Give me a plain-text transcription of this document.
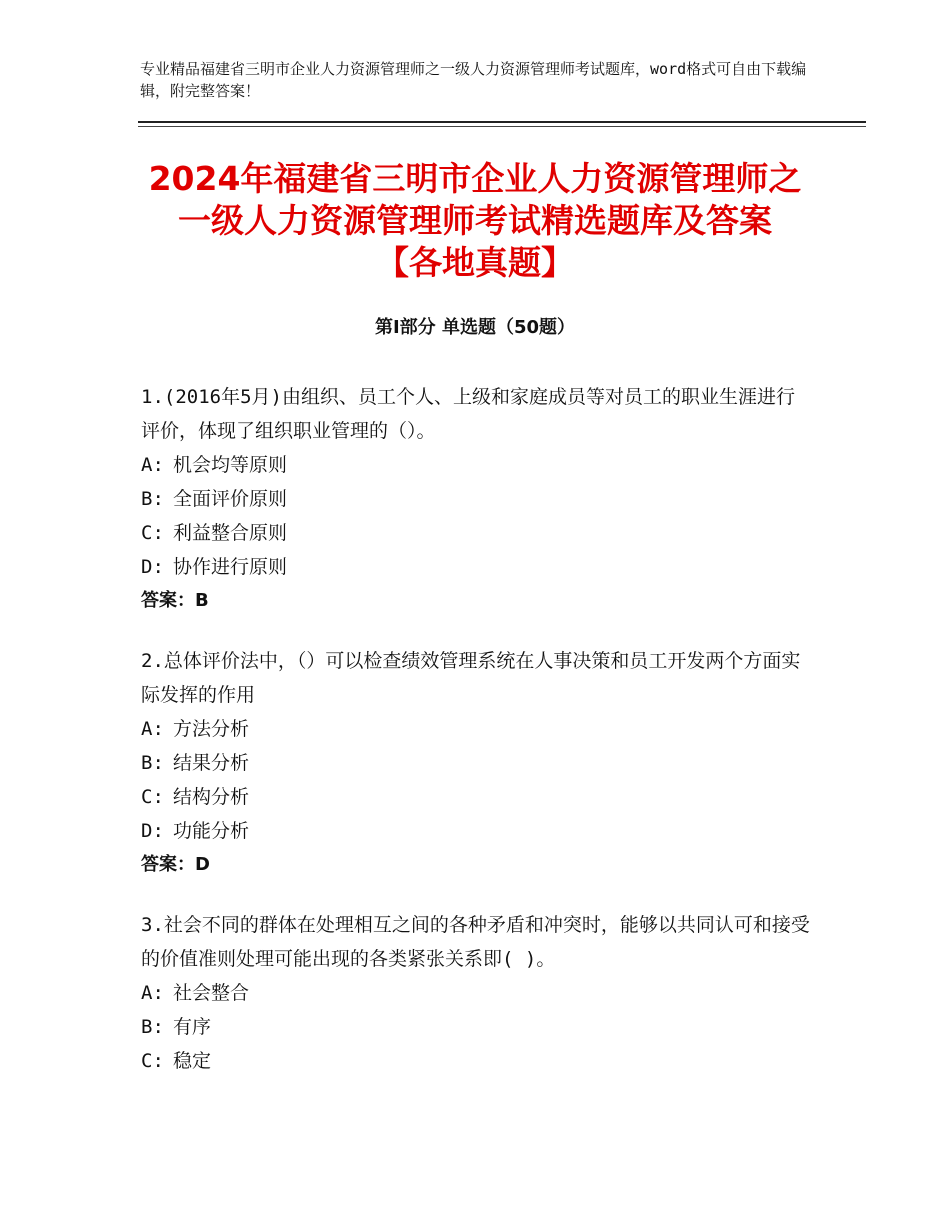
专业精品福建省三明市企业人力资源管理师之一级人力资源管理师考试题库，word格式可自由下载编辑，附完整答案！
2024年福建省三明市企业人力资源管理师之
一级人力资源管理师考试精选题库及答案
【各地真题】
第Ⅰ部分 单选题（50题）

1.(2016年5月)由组织、员工个人、上级和家庭成员等对员工的职业生涯进行评价，体现了组织职业管理的（）。

A: 机会均等原则
B: 全面评价原则
C: 利益整合原则
D: 协作进行原则

答案：B

2.总体评价法中，（）可以检查绩效管理系统在人事决策和员工开发两个方面实际发挥的作用

A: 方法分析
B: 结果分析
C: 结构分析
D: 功能分析

答案：D

3.社会不同的群体在处理相互之间的各种矛盾和冲突时，能够以共同认可和接受的价值准则处理可能出现的各类紧张关系即( )。

A: 社会整合
B: 有序
C: 稳定
